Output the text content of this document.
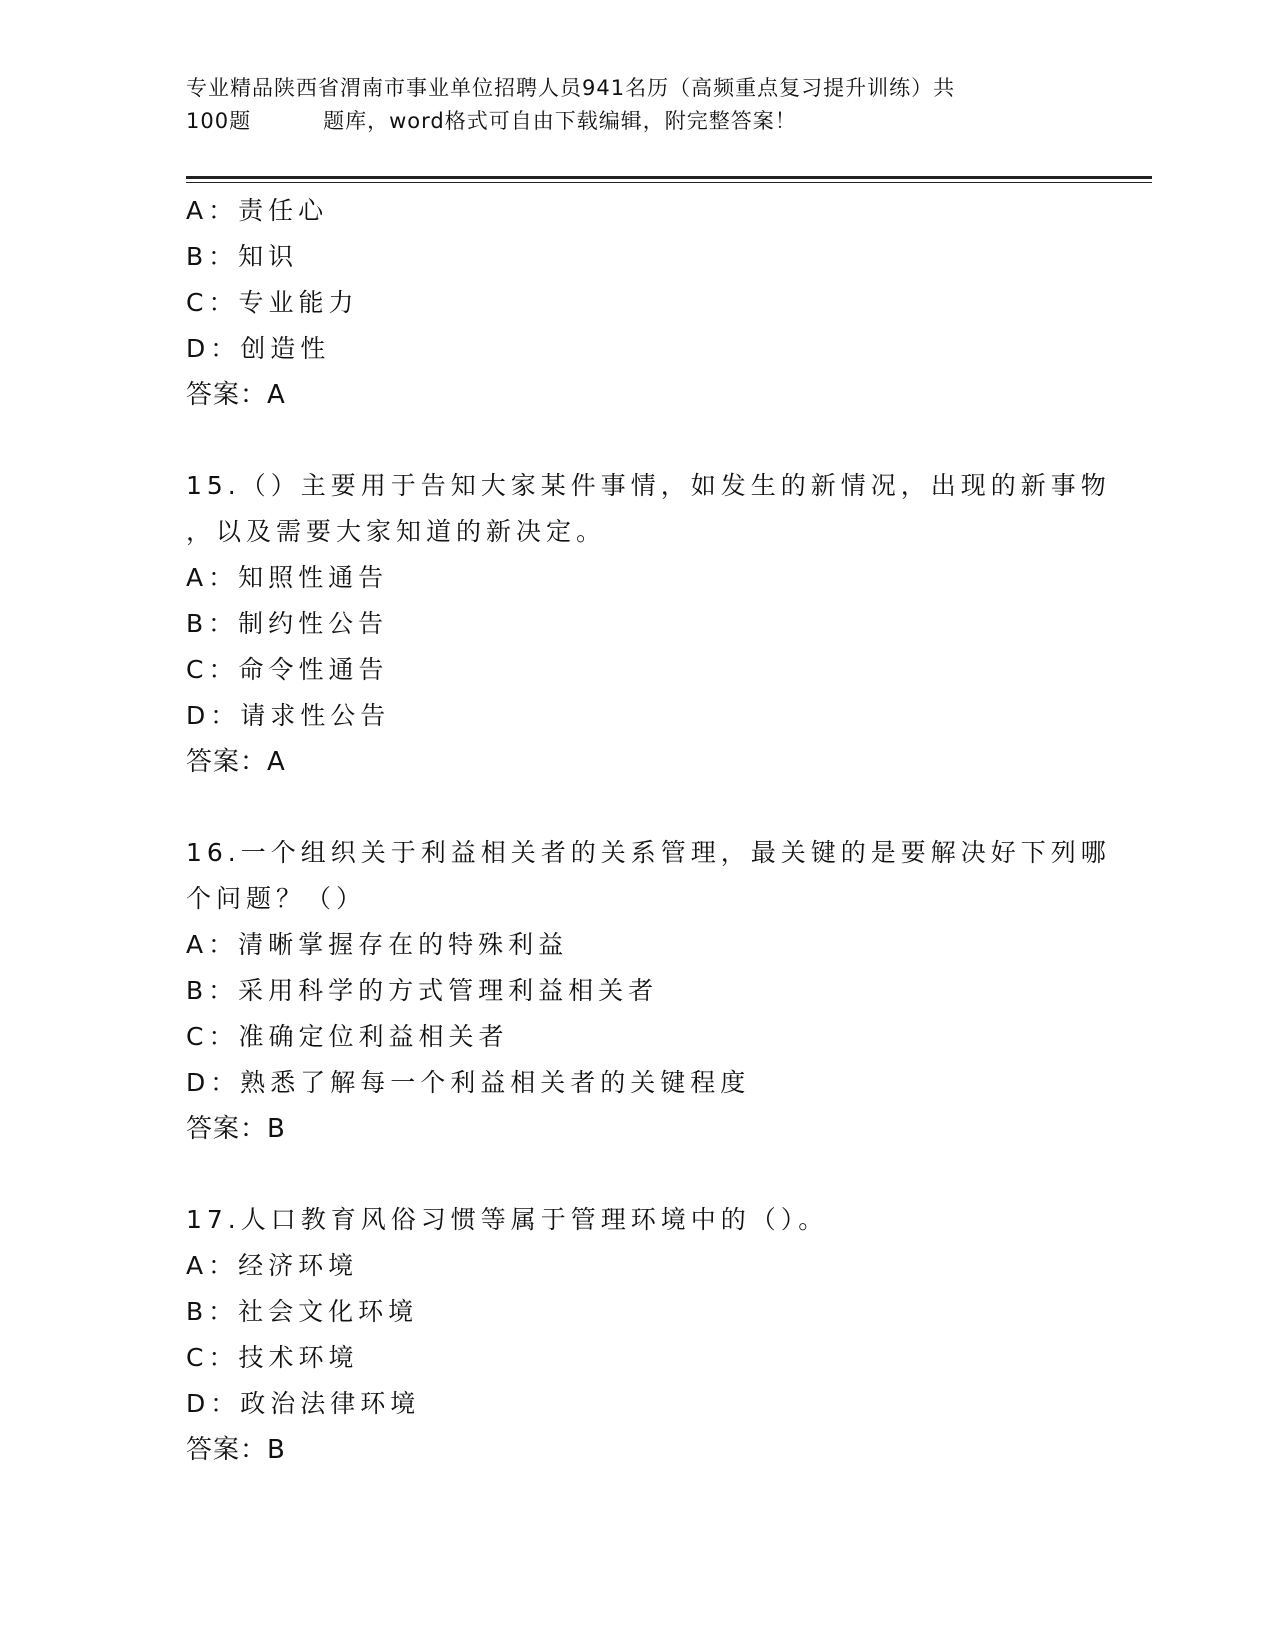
专业精品陕西省渭南市事业单位招聘人员941名历（高频重点复习提升训练）共
100题	题库，word格式可自由下载编辑，附完整答案！
A：责任心
B：知识
C：专业能力
D：创造性
答案：A
15.（）主要用于告知大家某件事情，如发生的新情况，出现的新事物
，以及需要大家知道的新决定。
A：知照性通告
B：制约性公告
C：命令性通告
D：请求性公告
答案：A
16.一个组织关于利益相关者的关系管理，最关键的是要解决好下列哪
个问题？（）
A：清晰掌握存在的特殊利益
B：采用科学的方式管理利益相关者
C：准确定位利益相关者
D：熟悉了解每一个利益相关者的关键程度
答案：B
17.人口教育风俗习惯等属于管理环境中的（）。
A：经济环境
B：社会文化环境
C：技术环境
D：政治法律环境
答案：B
